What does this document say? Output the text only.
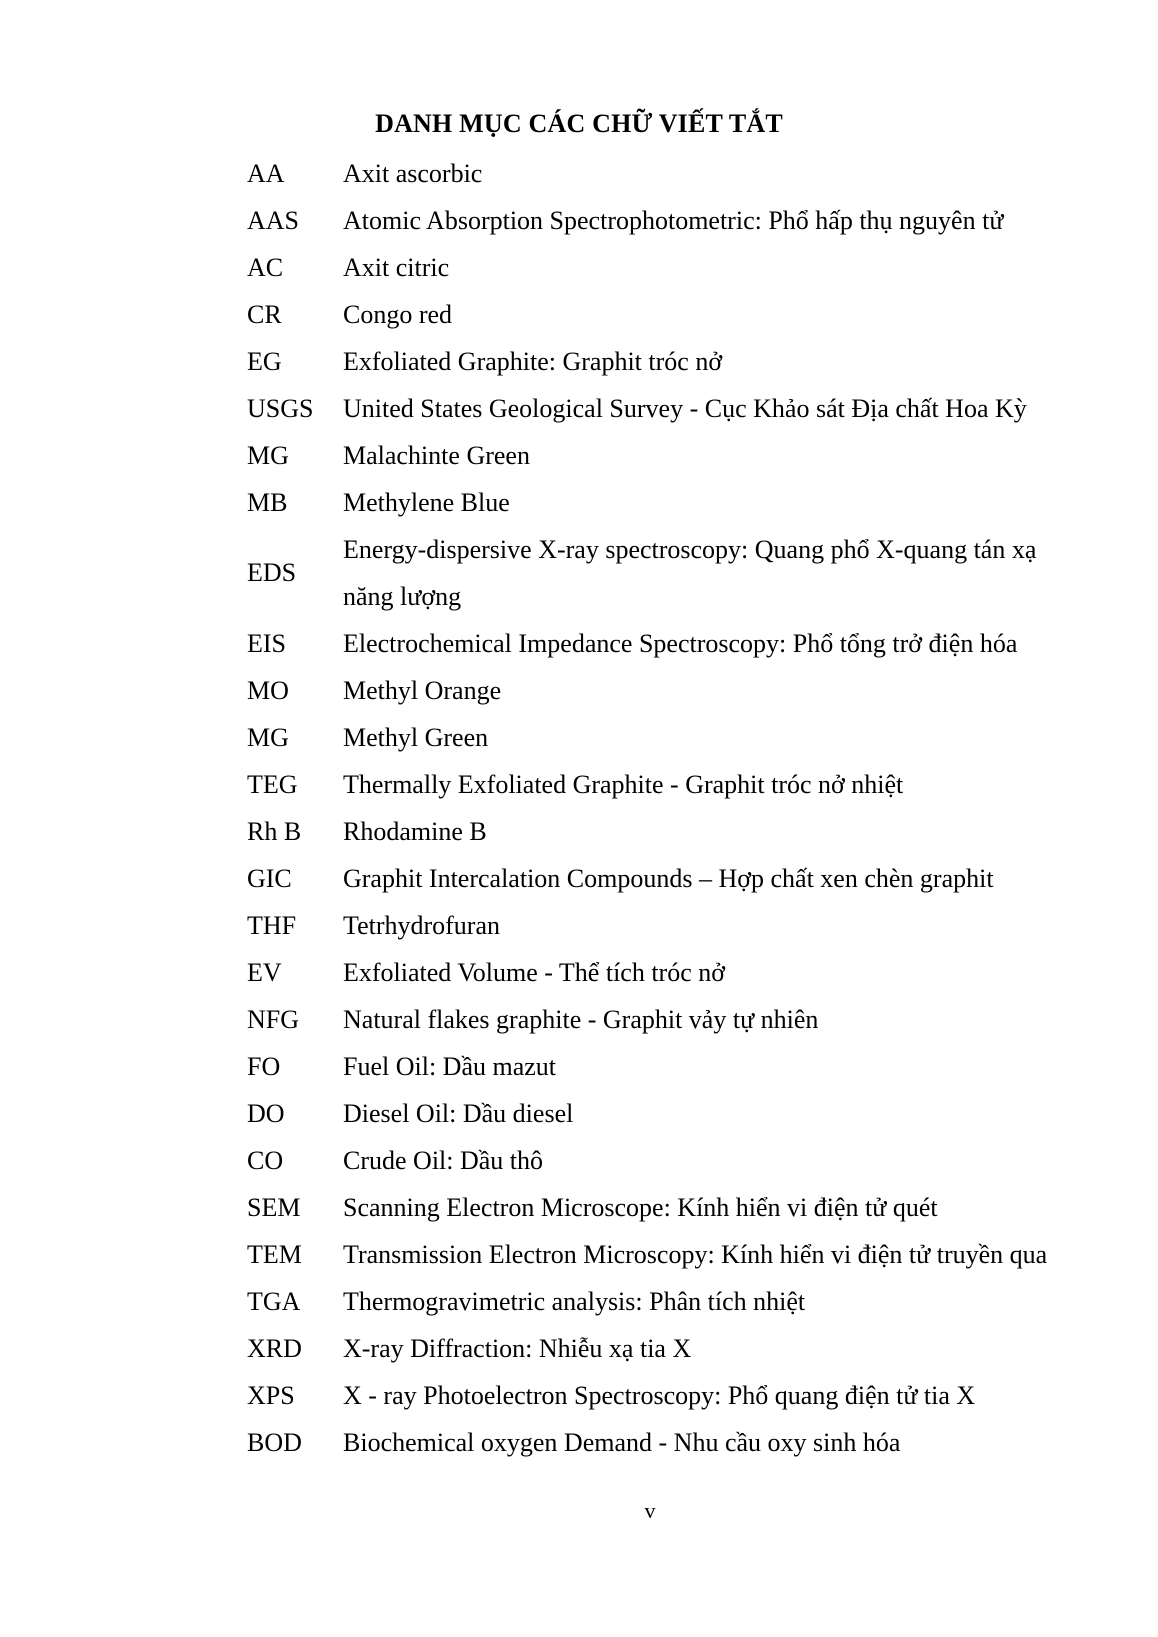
DANH MỤC CÁC CHỮ VIẾT TẮT
AA Axit ascorbic
AAS Atomic Absorption Spectrophotometric: Phổ hấp thụ nguyên tử
AC Axit citric
CR Congo red
EG Exfoliated Graphite: Graphit tróc nở
USGS United States Geological Survey - Cục Khảo sát Địa chất Hoa Kỳ
MG Malachinte Green
MB Methylene Blue
EDS
Energy-dispersive X-ray spectroscopy: Quang phổ X-quang tán xạ năng lượng
EIS Electrochemical Impedance Spectroscopy: Phổ tổng trở điện hóa
MO Methyl Orange
MG Methyl Green
TEG Thermally Exfoliated Graphite - Graphit tróc nở nhiệt
Rh B Rhodamine B
GIC Graphit Intercalation Compounds – Hợp chất xen chèn graphit
THF Tetrhydrofuran
EV Exfoliated Volume - Thể tích tróc nở
NFG Natural flakes graphite - Graphit vảy tự nhiên
FO Fuel Oil: Dầu mazut
DO Diesel Oil: Dầu diesel
CO Crude Oil: Dầu thô
SEM Scanning Electron Microscope: Kính hiển vi điện tử quét
TEM Transmission Electron Microscopy: Kính hiển vi điện tử truyền qua
TGA Thermogravimetric analysis: Phân tích nhiệt
XRD X-ray Diffraction: Nhiễu xạ tia X
XPS X - ray Photoelectron Spectroscopy: Phổ quang điện tử tia X
BOD Biochemical oxygen Demand - Nhu cầu oxy sinh hóa
v
